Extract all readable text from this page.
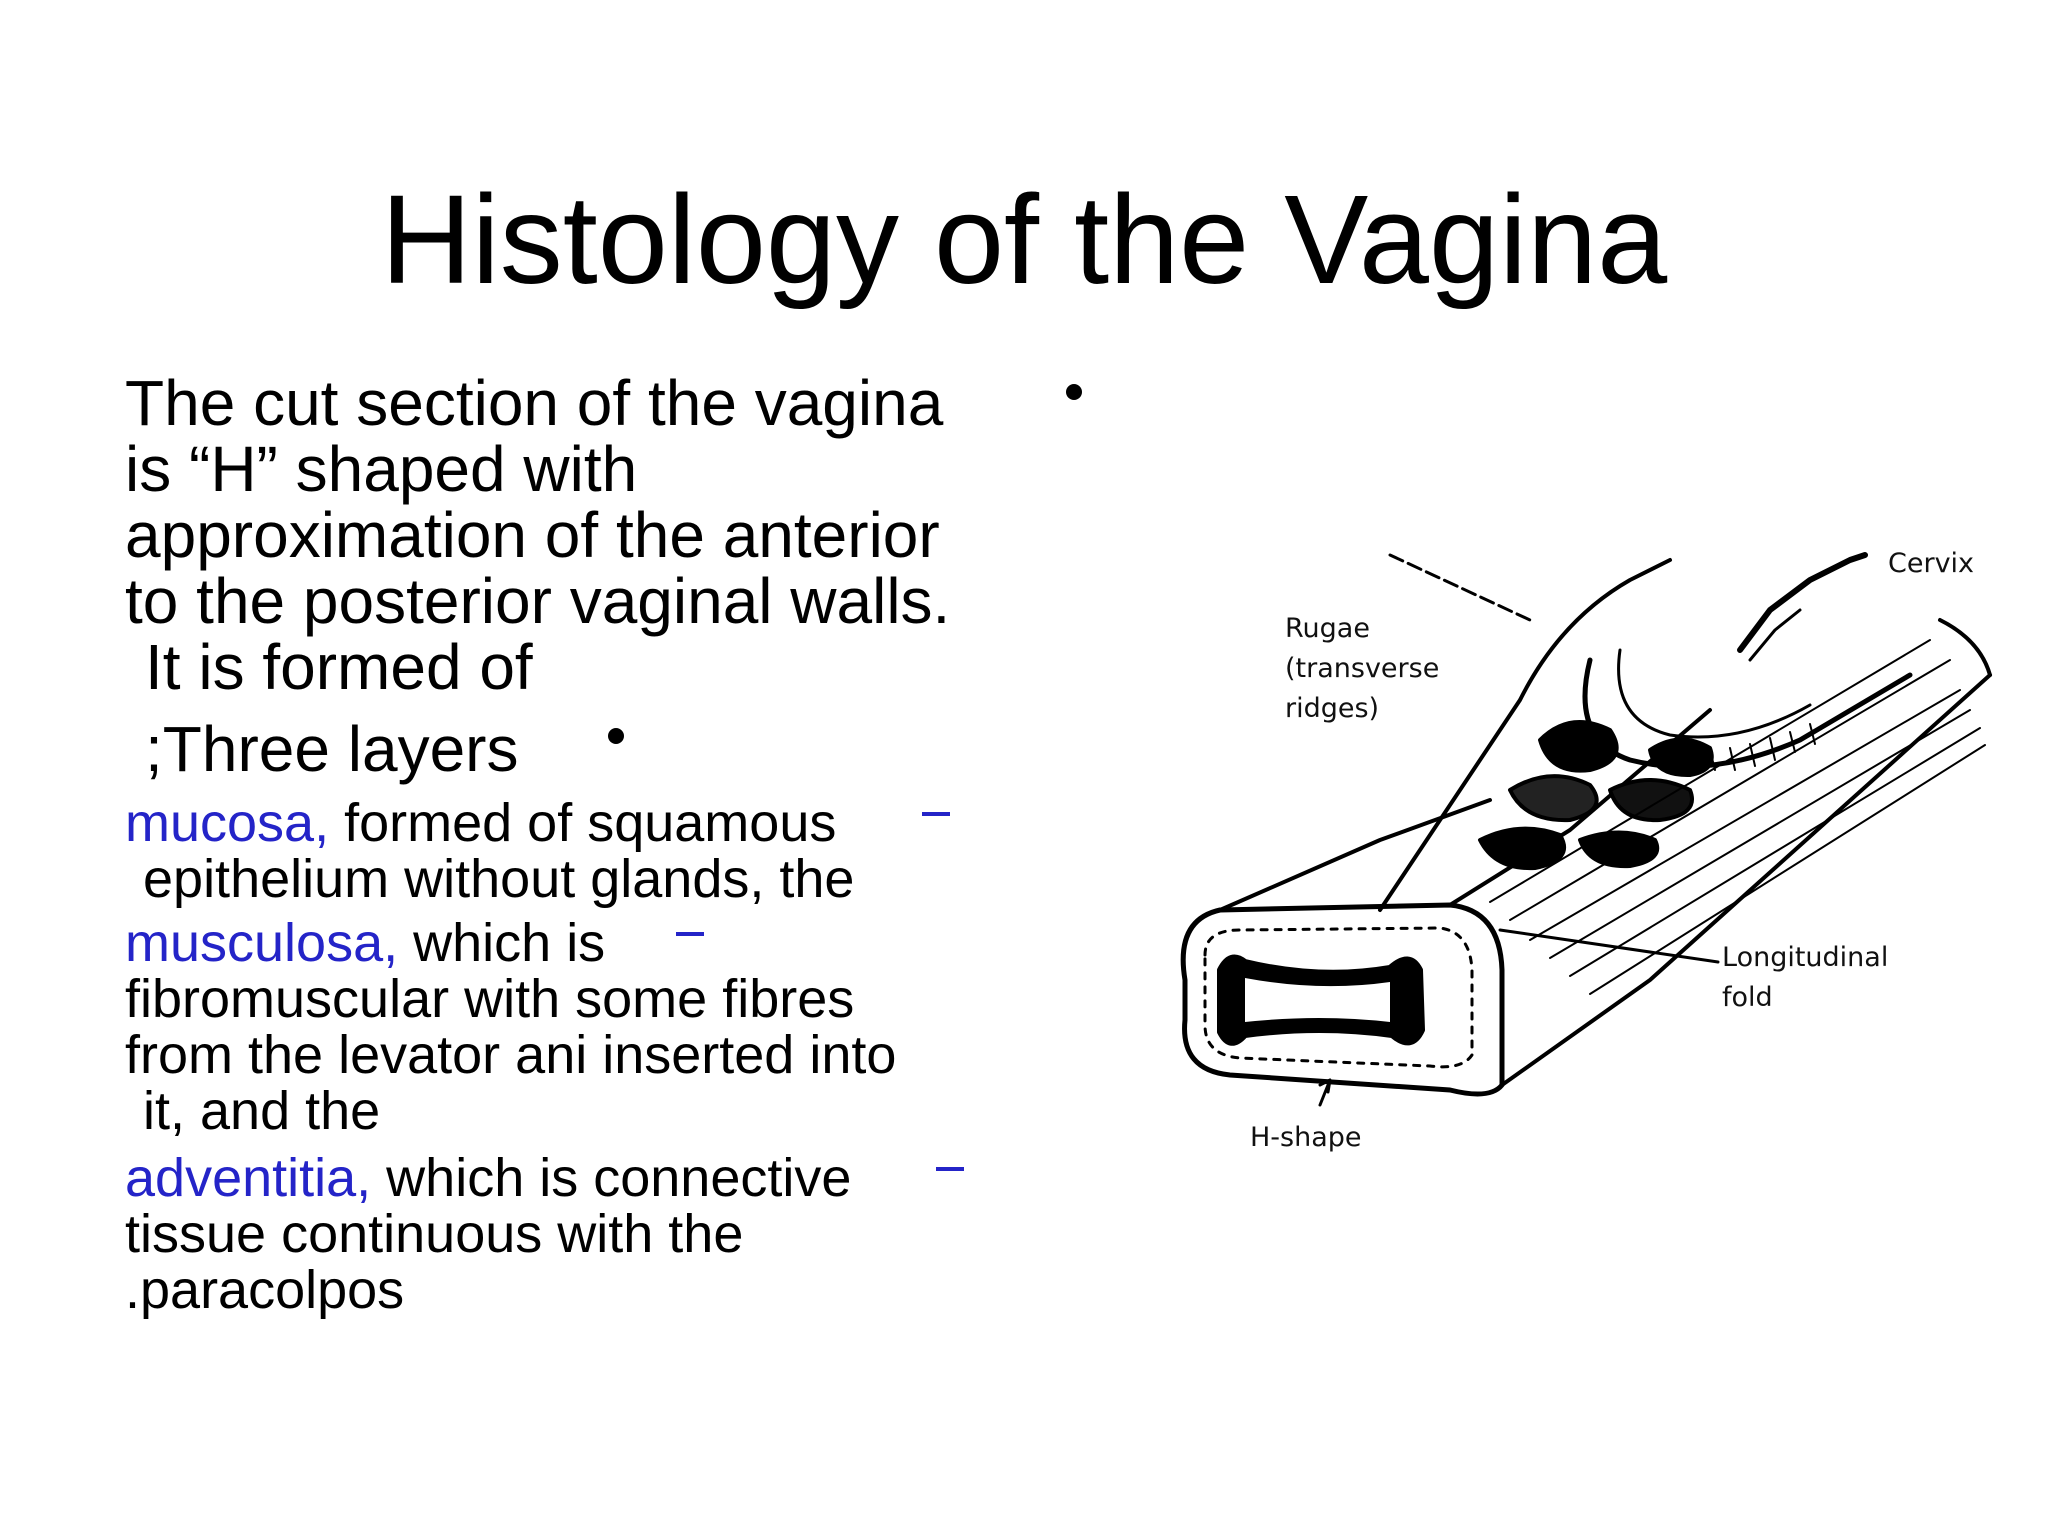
Histology of the Vagina
The cut section of the vagina
is “H” shaped with
approximation of the anterior
to the posterior vaginal walls.
It is formed of
;Three layers
mucosa, formed of squamous
epithelium without glands, the
musculosa, which is
fibromuscular with some fibres
from the levator ani inserted into
it, and the
adventitia, which is connective
tissue continuous with the
.paracolpos
Cervix
Rugae
(transverse
ridges)
Longitudinal
fold
H-shape
